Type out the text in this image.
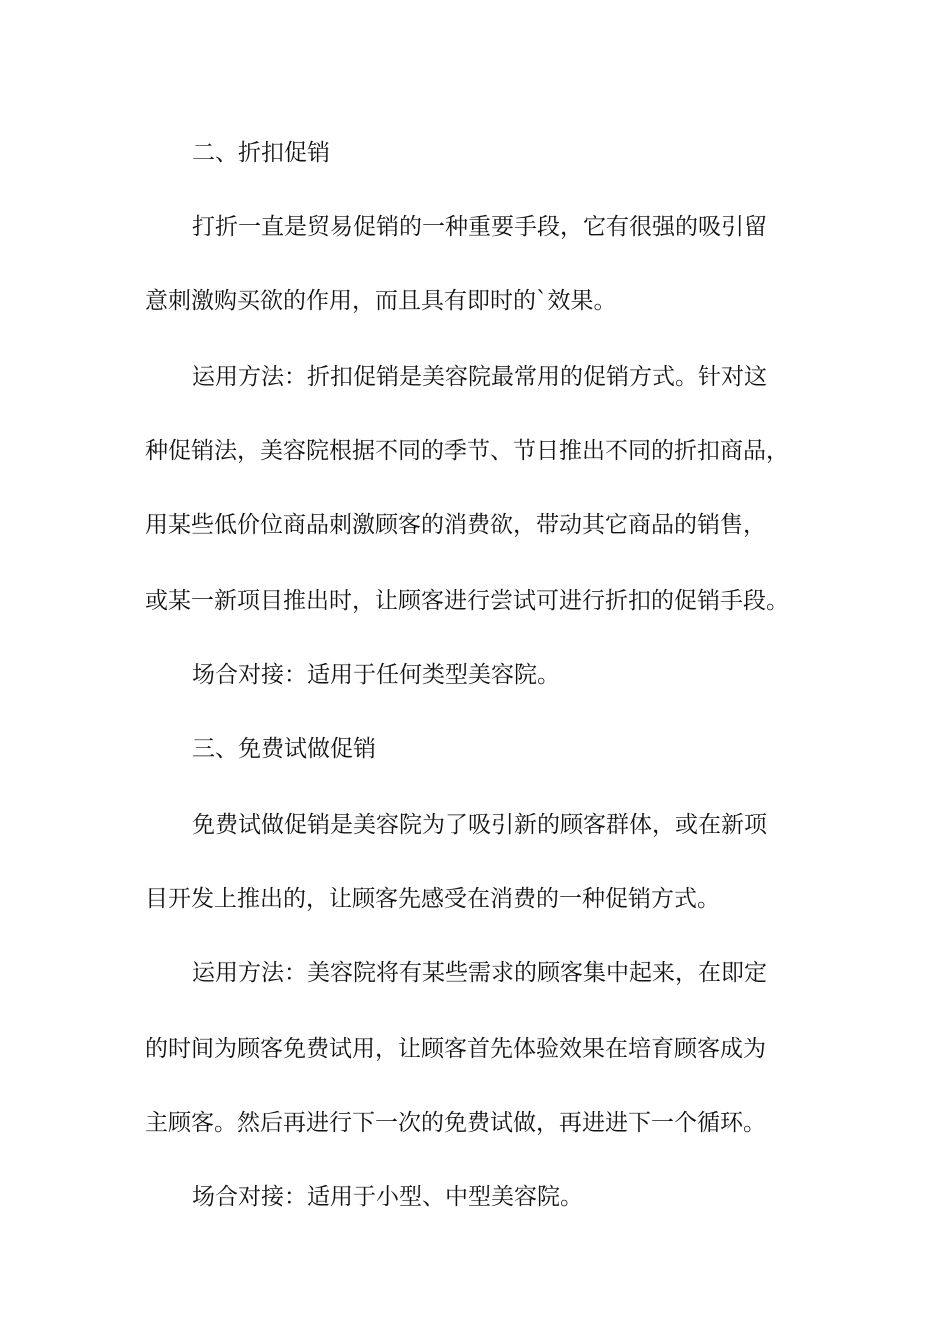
二、折扣促销
打折一直是贸易促销的一种重要手段，它有很强的吸引留
意刺激购买欲的作用，而且具有即时的`效果。
运用方法：折扣促销是美容院最常用的促销方式。针对这
种促销法，美容院根据不同的季节、节日推出不同的折扣商品，
用某些低价位商品刺激顾客的消费欲，带动其它商品的销售，
或某一新项目推出时，让顾客进行尝试可进行折扣的促销手段。
场合对接：适用于任何类型美容院。
三、免费试做促销
免费试做促销是美容院为了吸引新的顾客群体，或在新项
目开发上推出的，让顾客先感受在消费的一种促销方式。
运用方法：美容院将有某些需求的顾客集中起来，在即定
的时间为顾客免费试用，让顾客首先体验效果在培育顾客成为
主顾客。然后再进行下一次的免费试做，再进进下一个循环。
场合对接：适用于小型、中型美容院。
